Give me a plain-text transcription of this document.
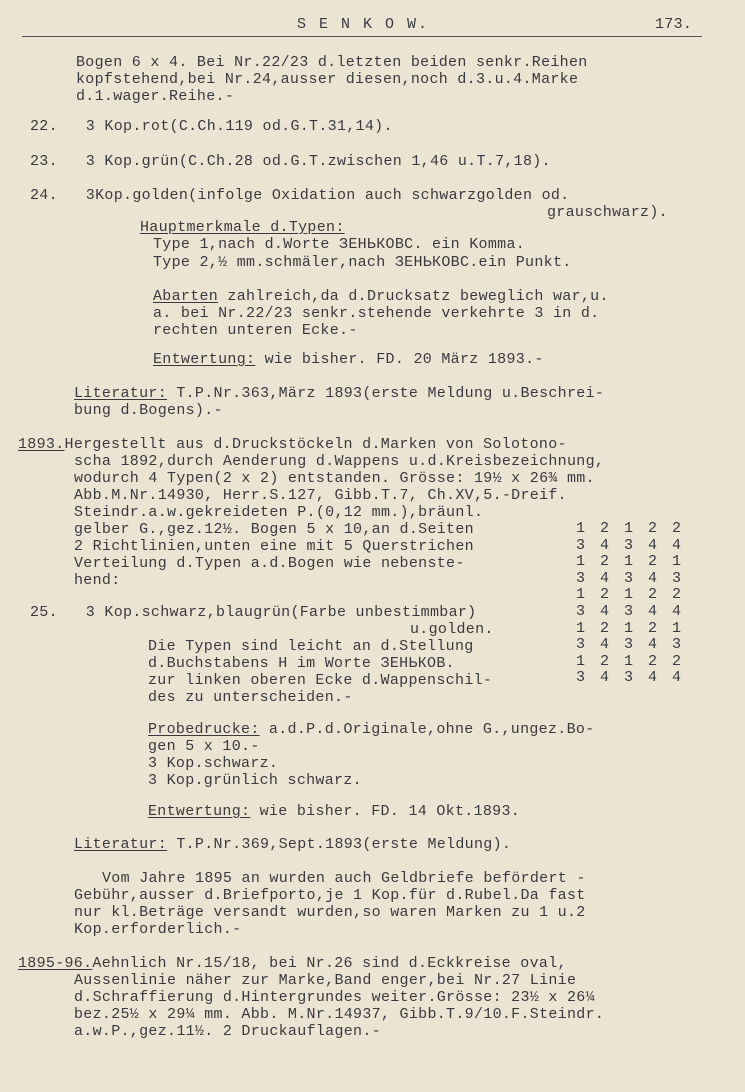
S E N K O W.	173.
Bogen 6 x 4. Bei Nr.22/23 d.letzten beiden senkr.Reihen
kopfstehend,bei Nr.24,ausser diesen,noch d.3.u.4.Marke
d.1.wager.Reihe.-
22.   3 Kop.rot(C.Ch.119 od.G.T.31,14).
23.   3 Kop.grün(C.Ch.28 od.G.T.zwischen 1,46 u.T.7,18).
24.   3Kop.golden(infolge Oxidation auch schwarzgolden od.
grauschwarz).
Hauptmerkmale d.Typen:
Type 1,nach d.Worte ЗЕНЬКОВС. ein Komma.
Type 2,½ mm.schmäler,nach ЗЕНЬКОВС.ein Punkt.
Abarten zahlreich,da d.Drucksatz beweglich war,u.
a. bei Nr.22/23 senkr.stehende verkehrte 3 in d.
rechten unteren Ecke.-
Entwertung: wie bisher. FD. 20 März 1893.-
Literatur: T.P.Nr.363,März 1893(erste Meldung u.Beschrei-
bung d.Bogens).-
1893.Hergestellt aus d.Druckstöckeln d.Marken von Solotono-
scha 1892,durch Aenderung d.Wappens u.d.Kreisbezeichnung,
wodurch 4 Typen(2 x 2) entstanden. Grösse: 19½ x 26¾ mm.
Abb.M.Nr.14930, Herr.S.127, Gibb.T.7, Ch.XV,5.-Dreif.
Steindr.a.w.gekreideten P.(0,12 mm.),bräunl.
gelber G.,gez.12½. Bogen 5 x 10,an d.Seiten
2 Richtlinien,unten eine mit 5 Querstrichen
Verteilung d.Typen a.d.Bogen wie nebenste-
hend:
25.   3 Kop.schwarz,blaugrün(Farbe unbestimmbar)
u.golden.
Die Typen sind leicht an d.Stellung
d.Buchstabens H im Worte ЗЕНЬКОВ.
zur linken oberen Ecke d.Wappenschil-
des zu unterscheiden.-
Probedrucke: a.d.P.d.Originale,ohne G.,ungez.Bo-
gen 5 x 10.-
3 Kop.schwarz.
3 Kop.grünlich schwarz.
Entwertung: wie bisher. FD. 14 Okt.1893.
Literatur: T.P.Nr.369,Sept.1893(erste Meldung).
Vom Jahre 1895 an wurden auch Geldbriefe befördert -
Gebühr,ausser d.Briefporto,je 1 Kop.für d.Rubel.Da fast
nur kl.Beträge versandt wurden,so waren Marken zu 1 u.2
Kop.erforderlich.-
1895-96.Aehnlich Nr.15/18, bei Nr.26 sind d.Eckkreise oval,
Aussenlinie näher zur Marke,Band enger,bei Nr.27 Linie
d.Schraffierung d.Hintergrundes weiter.Grösse: 23½ x 26¼
bez.25½ x 29¼ mm. Abb. M.Nr.14937, Gibb.T.9/10.F.Steindr.
a.w.P.,gez.11½. 2 Druckauflagen.-
1 2 1 2 2
3 4 3 4 4
1 2 1 2 1
3 4 3 4 3
1 2 1 2 2
3 4 3 4 4
1 2 1 2 1
3 4 3 4 3
1 2 1 2 2
3 4 3 4 4
